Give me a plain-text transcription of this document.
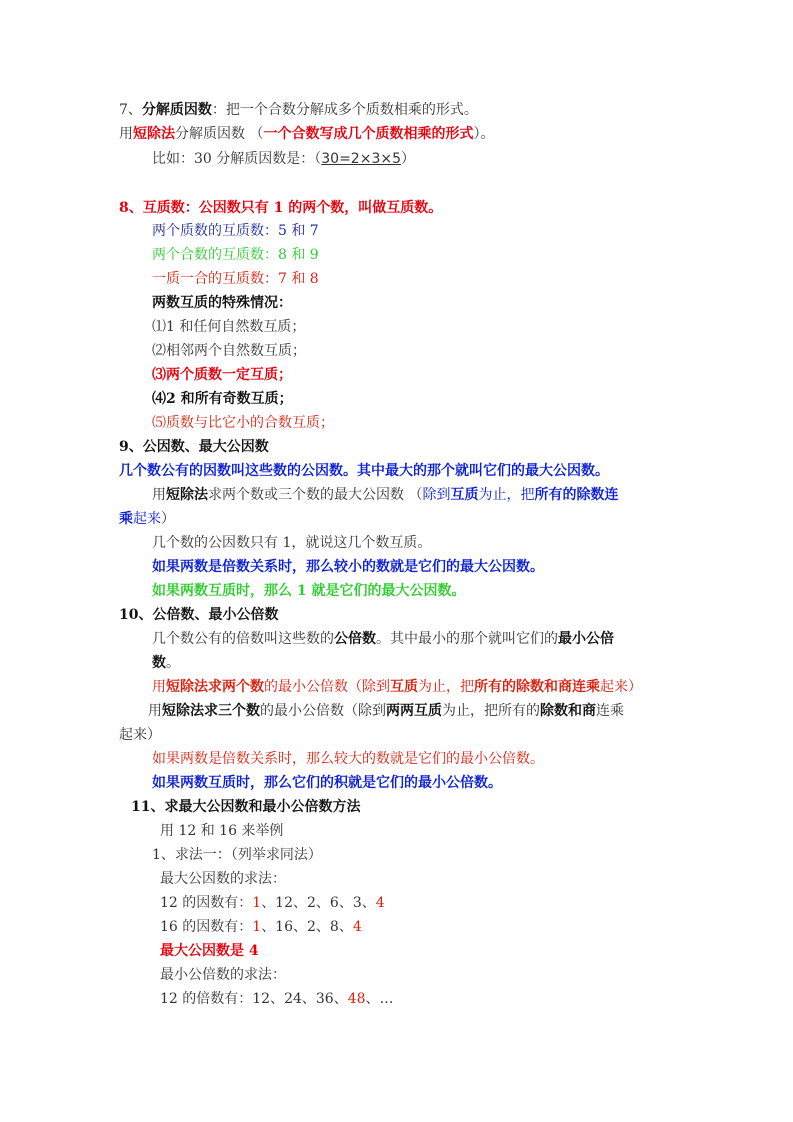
7、分解质因数：把一个合数分解成多个质数相乘的形式。
用短除法分解质因数 （一个合数写成几个质数相乘的形式）。
比如：30 分解质因数是：（30=2×3×5）
8、互质数：公因数只有 1 的两个数，叫做互质数。
两个质数的互质数：5 和 7
两个合数的互质数：8 和 9
一质一合的互质数：7 和 8
两数互质的特殊情况：
⑴1 和任何自然数互质；
⑵相邻两个自然数互质；
⑶两个质数一定互质；
⑷2 和所有奇数互质；
⑸质数与比它小的合数互质；
9、公因数、最大公因数
几个数公有的因数叫这些数的公因数。其中最大的那个就叫它们的最大公因数。
用短除法求两个数或三个数的最大公因数 （除到互质为止，把所有的除数连
乘起来）
几个数的公因数只有 1，就说这几个数互质。
如果两数是倍数关系时，那么较小的数就是它们的最大公因数。
如果两数互质时，那么 1 就是它们的最大公因数。
10、公倍数、最小公倍数
几个数公有的倍数叫这些数的公倍数。其中最小的那个就叫它们的最小公倍
数。
用短除法求两个数的最小公倍数（除到互质为止，把所有的除数和商连乘起来）
用短除法求三个数的最小公倍数（除到两两互质为止，把所有的除数和商连乘
起来）
如果两数是倍数关系时，那么较大的数就是它们的最小公倍数。
如果两数互质时，那么它们的积就是它们的最小公倍数。
11、求最大公因数和最小公倍数方法
用 12 和 16 来举例
1、求法一：（列举求同法）
最大公因数的求法：
12 的因数有：1、12、2、6、3、4
16 的因数有：1、16、2、8、4
最大公因数是 4
最小公倍数的求法：
12 的倍数有：12、24、36、48、…
